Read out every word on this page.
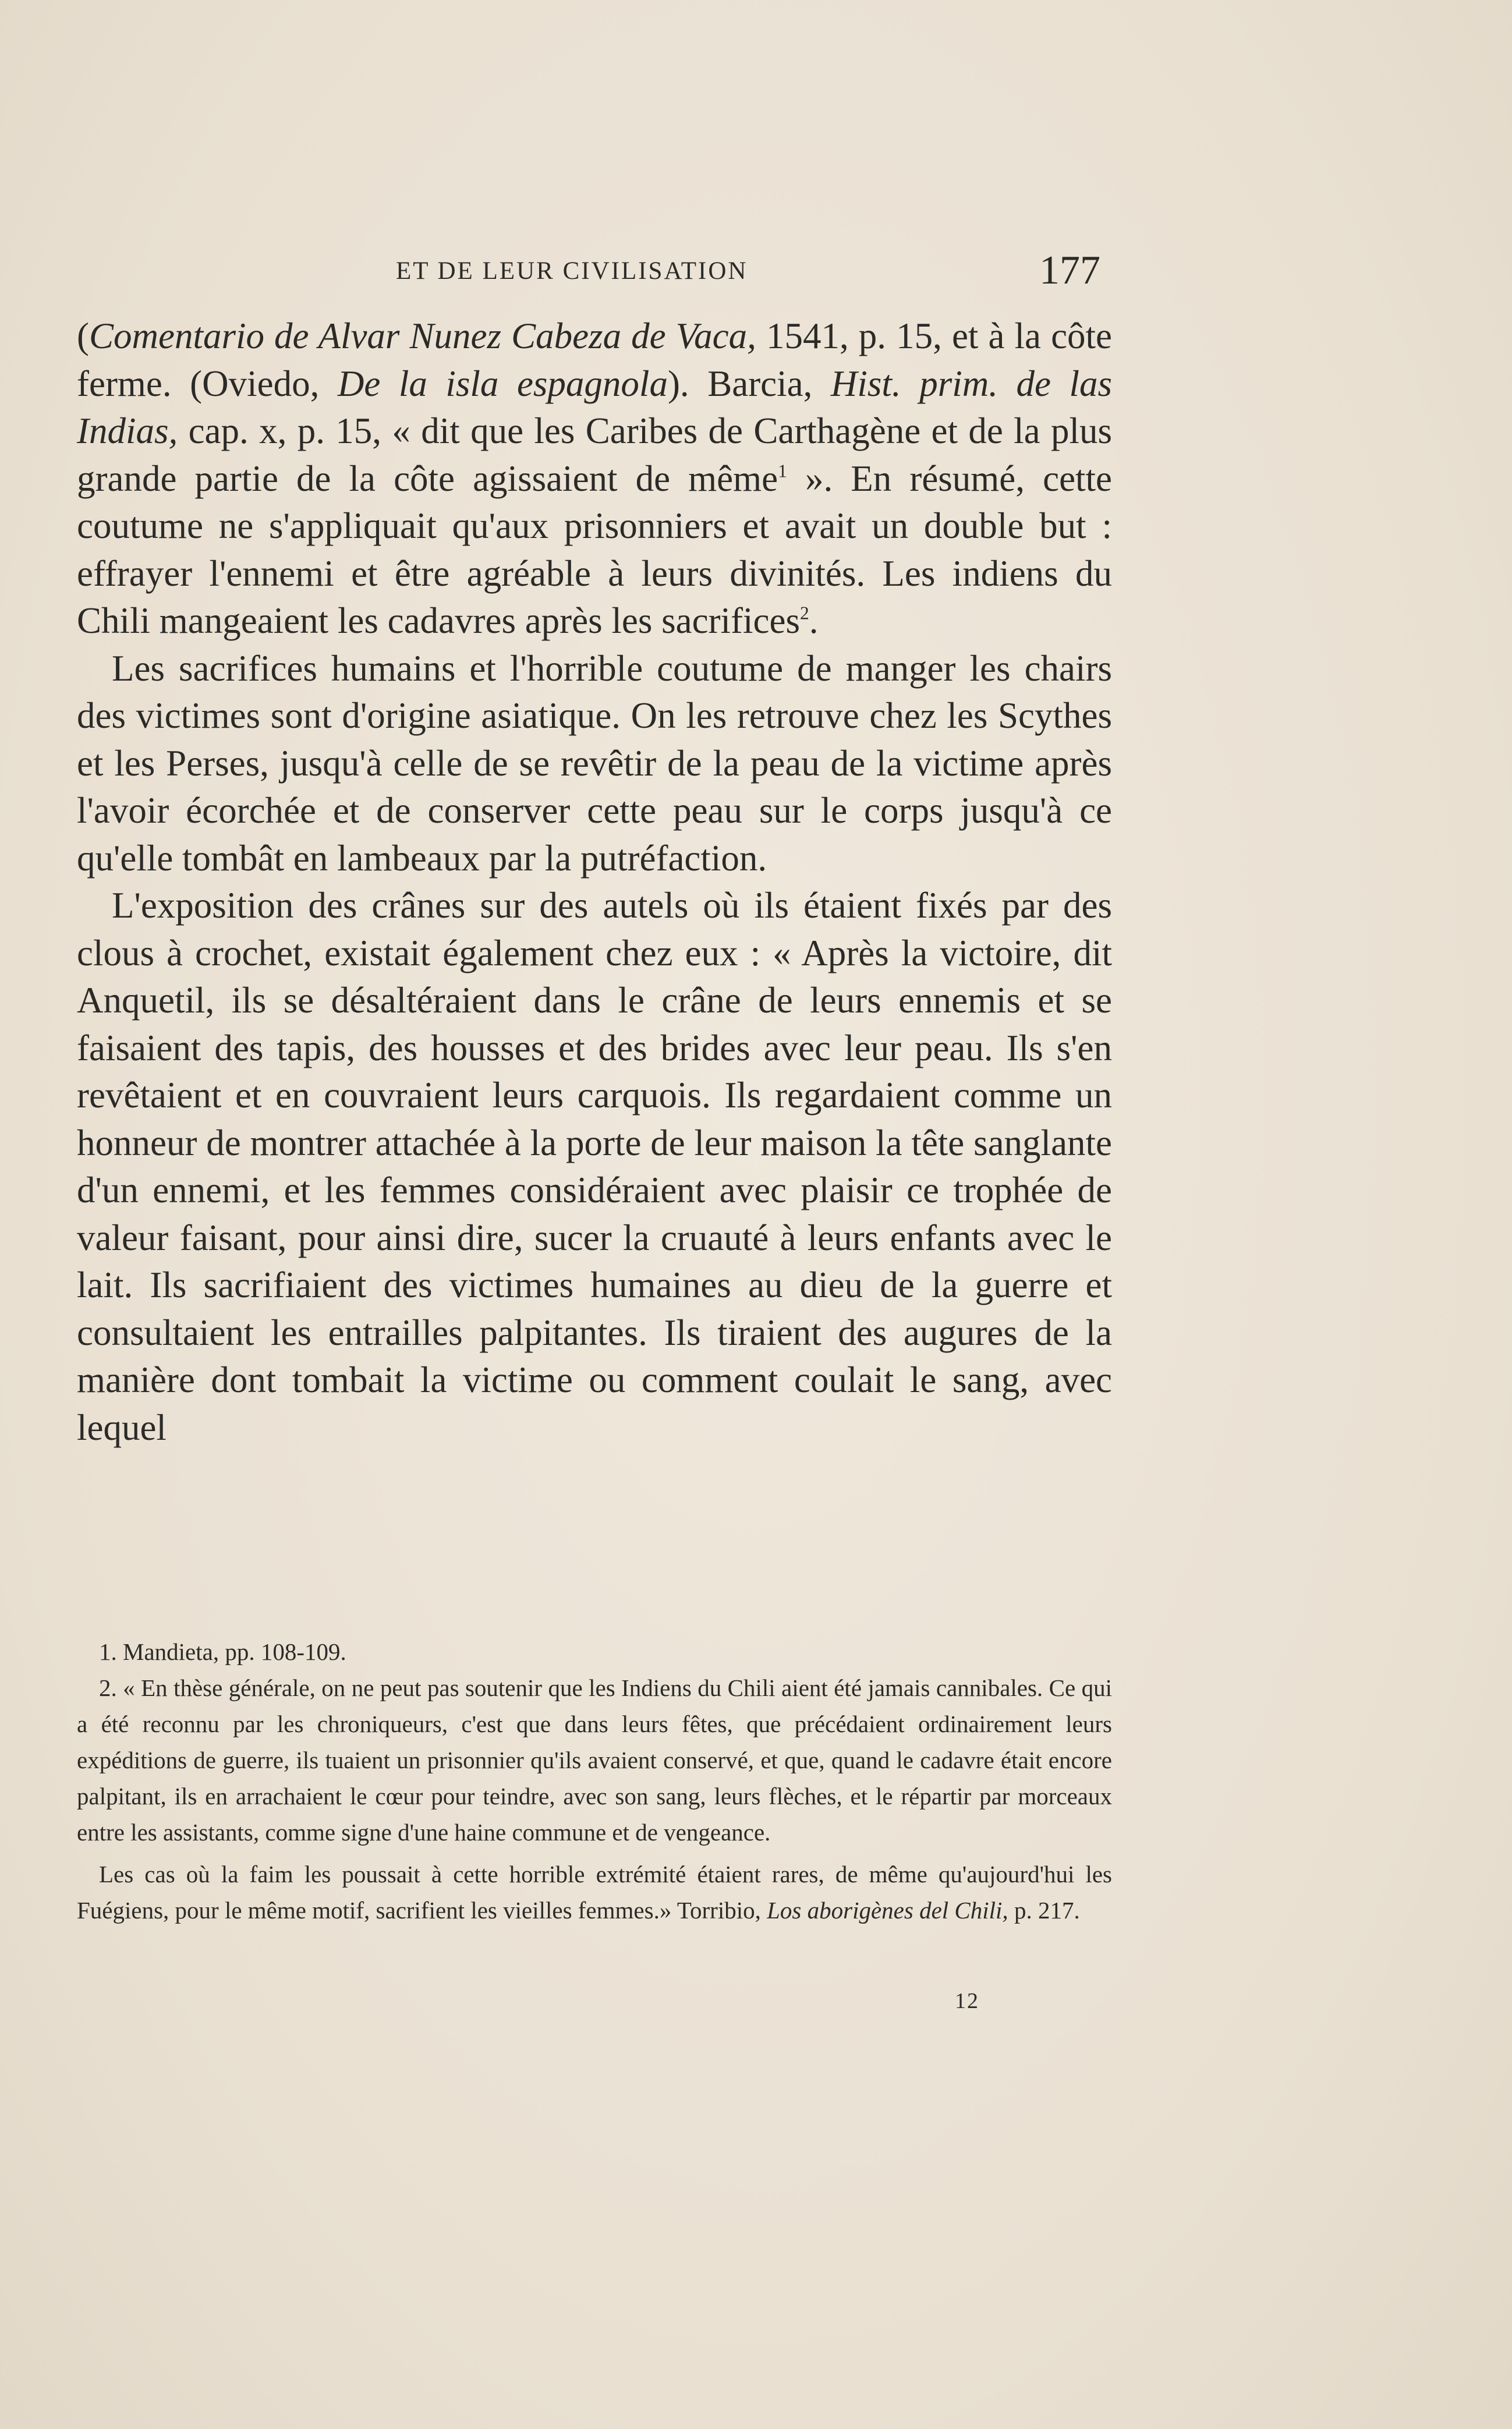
ET DE LEUR CIVILISATION	177

(Comentario de Alvar Nunez Cabeza de Vaca, 1541, p. 15, et à la côte ferme. (Oviedo, De la isla espagnola). Barcia, Hist. prim. de las Indias, cap. x, p. 15, « dit que les Caribes de Carthagène et de la plus grande partie de la côte agissaient de même$^1$ ». En résumé, cette coutume ne s'appliquait qu'aux prisonniers et avait un double but : effrayer l'ennemi et être agréable à leurs divinités. Les indiens du Chili mangeaient les cadavres après les sacrifices$^2$.

Les sacrifices humains et l'horrible coutume de manger les chairs des victimes sont d'origine asiatique. On les retrouve chez les Scythes et les Perses, jusqu'à celle de se revêtir de la peau de la victime après l'avoir écorchée et de conserver cette peau sur le corps jusqu'à ce qu'elle tombât en lambeaux par la putréfaction.

L'exposition des crânes sur des autels où ils étaient fixés par des clous à crochet, existait également chez eux : « Après la victoire, dit Anquetil, ils se désaltéraient dans le crâne de leurs ennemis et se faisaient des tapis, des housses et des brides avec leur peau. Ils s'en revêtaient et en couvraient leurs carquois. Ils regardaient comme un honneur de montrer attachée à la porte de leur maison la tête sanglante d'un ennemi, et les femmes considéraient avec plaisir ce trophée de valeur faisant, pour ainsi dire, sucer la cruauté à leurs enfants avec le lait. Ils sacrifiaient des victimes humaines au dieu de la guerre et consultaient les entrailles palpitantes. Ils tiraient des augures de la manière dont tombait la victime ou comment coulait le sang, avec lequel

1. Mandieta, pp. 108-109.

2. « En thèse générale, on ne peut pas soutenir que les Indiens du Chili aient été jamais cannibales. Ce qui a été reconnu par les chroniqueurs, c'est que dans leurs fêtes, que précédaient ordinairement leurs expéditions de guerre, ils tuaient un prisonnier qu'ils avaient conservé, et que, quand le cadavre était encore palpitant, ils en arrachaient le cœur pour teindre, avec son sang, leurs flèches, et le répartir par morceaux entre les assistants, comme signe d'une haine commune et de vengeance.

Les cas où la faim les poussait à cette horrible extrémité étaient rares, de même qu'aujourd'hui les Fuégiens, pour le même motif, sacrifient les vieilles femmes.» Torribio, Los aborigènes del Chili, p. 217.

12
